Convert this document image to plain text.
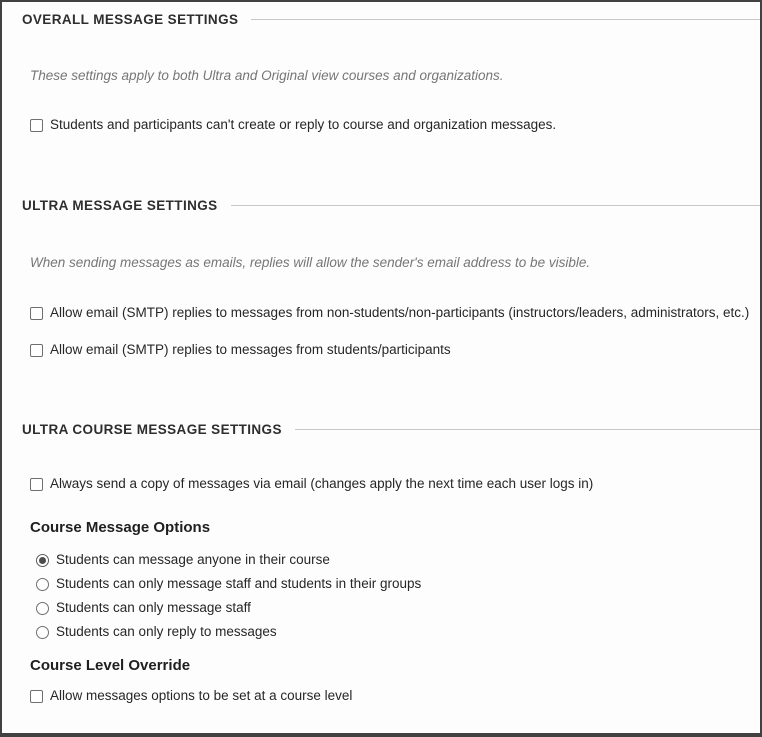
OVERALL MESSAGE SETTINGS
These settings apply to both Ultra and Original view courses and organizations.
Students and participants can't create or reply to course and organization messages.
ULTRA MESSAGE SETTINGS
When sending messages as emails, replies will allow the sender's email address to be visible.
Allow email (SMTP) replies to messages from non-students/non-participants (instructors/leaders, administrators, etc.)
Allow email (SMTP) replies to messages from students/participants
ULTRA COURSE MESSAGE SETTINGS
Always send a copy of messages via email (changes apply the next time each user logs in)
Course Message Options
Students can message anyone in their course
Students can only message staff and students in their groups
Students can only message staff
Students can only reply to messages
Course Level Override
Allow messages options to be set at a course level
